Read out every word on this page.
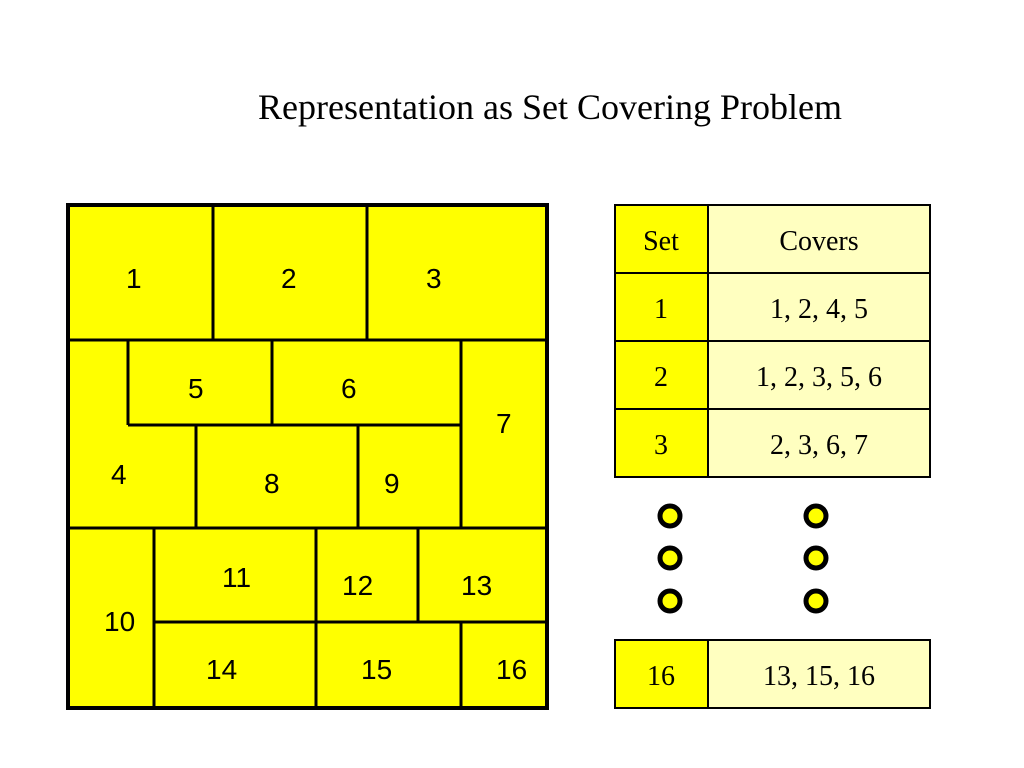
Representation as Set Covering Problem
1	2	3
4
5	6
7
8	9
10
11	12	13
14	15	16
Set	Covers
1	1, 2, 4, 5
2	1, 2, 3, 5, 6
3	2, 3, 6, 7
16	13, 15, 16
